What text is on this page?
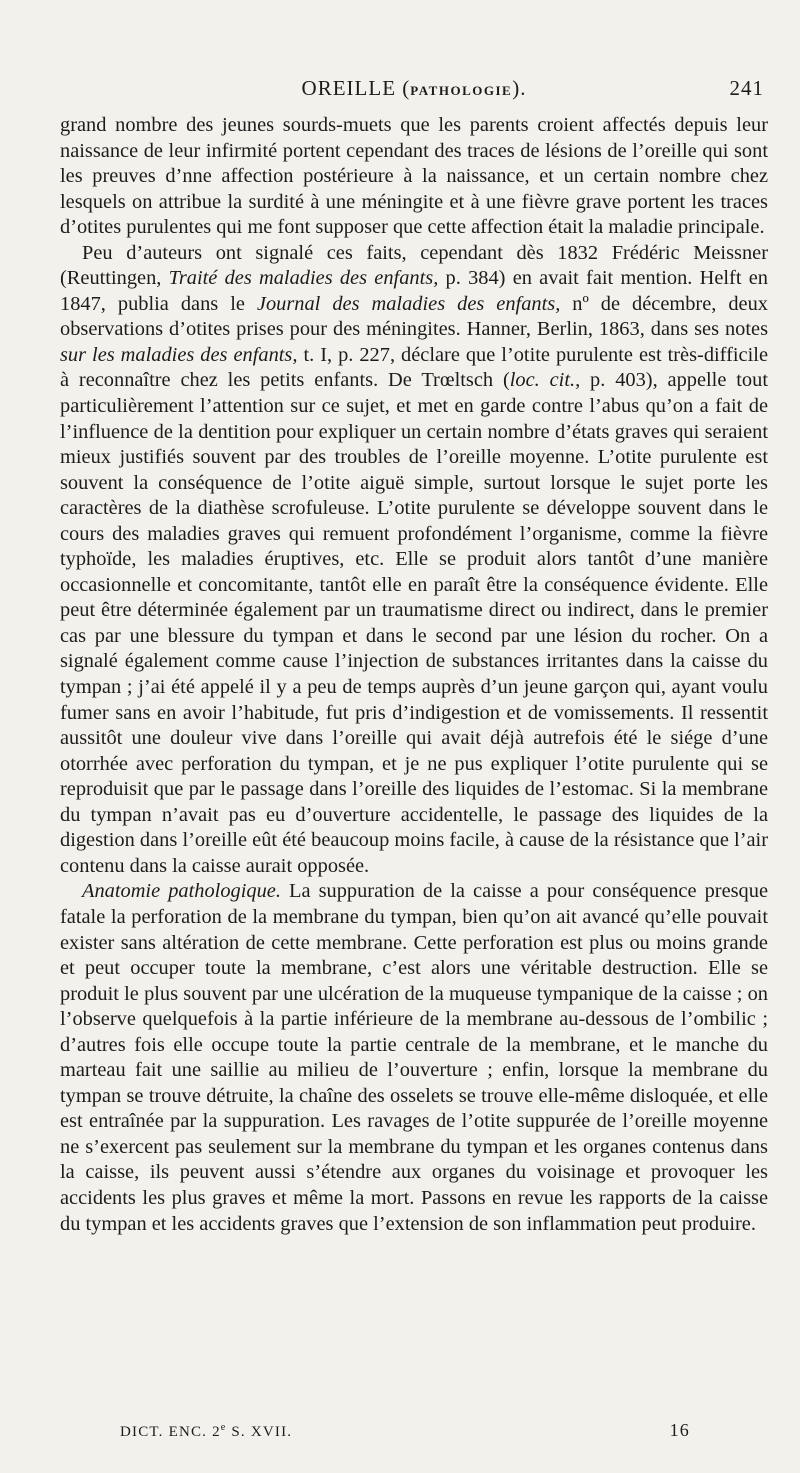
OREILLE (PATHOLOGIE).	241

grand nombre des jeunes sourds-muets que les parents croient affectés depuis leur naissance de leur infirmité portent cependant des traces de lésions de l’oreille qui sont les preuves d’nne affection postérieure à la naissance, et un certain nombre chez lesquels on attribue la surdité à une méningite et à une fièvre grave portent les traces d’otites purulentes qui me font supposer que cette affection était la maladie principale.

Peu d’auteurs ont signalé ces faits, cependant dès 1832 Frédéric Meissner (Reuttingen, Traité des maladies des enfants, p. 384) en avait fait mention. Helft en 1847, publia dans le Journal des maladies des enfants, nº de décembre, deux observations d’otites prises pour des méningites. Hanner, Berlin, 1863, dans ses notes sur les maladies des enfants, t. I, p. 227, déclare que l’otite purulente est très-difficile à reconnaître chez les petits enfants. De Trœltsch (loc. cit., p. 403), appelle tout particulièrement l’attention sur ce sujet, et met en garde contre l’abus qu’on a fait de l’influence de la dentition pour expliquer un certain nombre d’états graves qui seraient mieux justifiés souvent par des troubles de l’oreille moyenne. L’otite purulente est souvent la conséquence de l’otite aiguë simple, surtout lorsque le sujet porte les caractères de la diathèse scrofuleuse. L’otite purulente se développe souvent dans le cours des maladies graves qui remuent profondément l’organisme, comme la fièvre typhoïde, les maladies éruptives, etc. Elle se produit alors tantôt d’une manière occasionnelle et concomitante, tantôt elle en paraît être la conséquence évidente. Elle peut être déterminée également par un traumatisme direct ou indirect, dans le premier cas par une blessure du tympan et dans le second par une lésion du rocher. On a signalé également comme cause l’injection de substances irritantes dans la caisse du tympan ; j’ai été appelé il y a peu de temps auprès d’un jeune garçon qui, ayant voulu fumer sans en avoir l’habitude, fut pris d’indigestion et de vomissements. Il ressentit aussitôt une douleur vive dans l’oreille qui avait déjà autrefois été le siége d’une otorrhée avec perforation du tympan, et je ne pus expliquer l’otite purulente qui se reproduisit que par le passage dans l’oreille des liquides de l’estomac. Si la membrane du tympan n’avait pas eu d’ouverture accidentelle, le passage des liquides de la digestion dans l’oreille eût été beaucoup moins facile, à cause de la résistance que l’air contenu dans la caisse aurait opposée.

Anatomie pathologique. La suppuration de la caisse a pour conséquence presque fatale la perforation de la membrane du tympan, bien qu’on ait avancé qu’elle pouvait exister sans altération de cette membrane. Cette perforation est plus ou moins grande et peut occuper toute la membrane, c’est alors une véritable destruction. Elle se produit le plus souvent par une ulcération de la muqueuse tympanique de la caisse ; on l’observe quelquefois à la partie inférieure de la membrane au-dessous de l’ombilic ; d’autres fois elle occupe toute la partie centrale de la membrane, et le manche du marteau fait une saillie au milieu de l’ouverture ; enfin, lorsque la membrane du tympan se trouve détruite, la chaîne des osselets se trouve elle-même disloquée, et elle est entraînée par la suppuration. Les ravages de l’otite suppurée de l’oreille moyenne ne s’exercent pas seulement sur la membrane du tympan et les organes contenus dans la caisse, ils peuvent aussi s’étendre aux organes du voisinage et provoquer les accidents les plus graves et même la mort. Passons en revue les rapports de la caisse du tympan et les accidents graves que l’extension de son inflammation peut produire.

DICT. ENC. 2e S. XVII.	16
